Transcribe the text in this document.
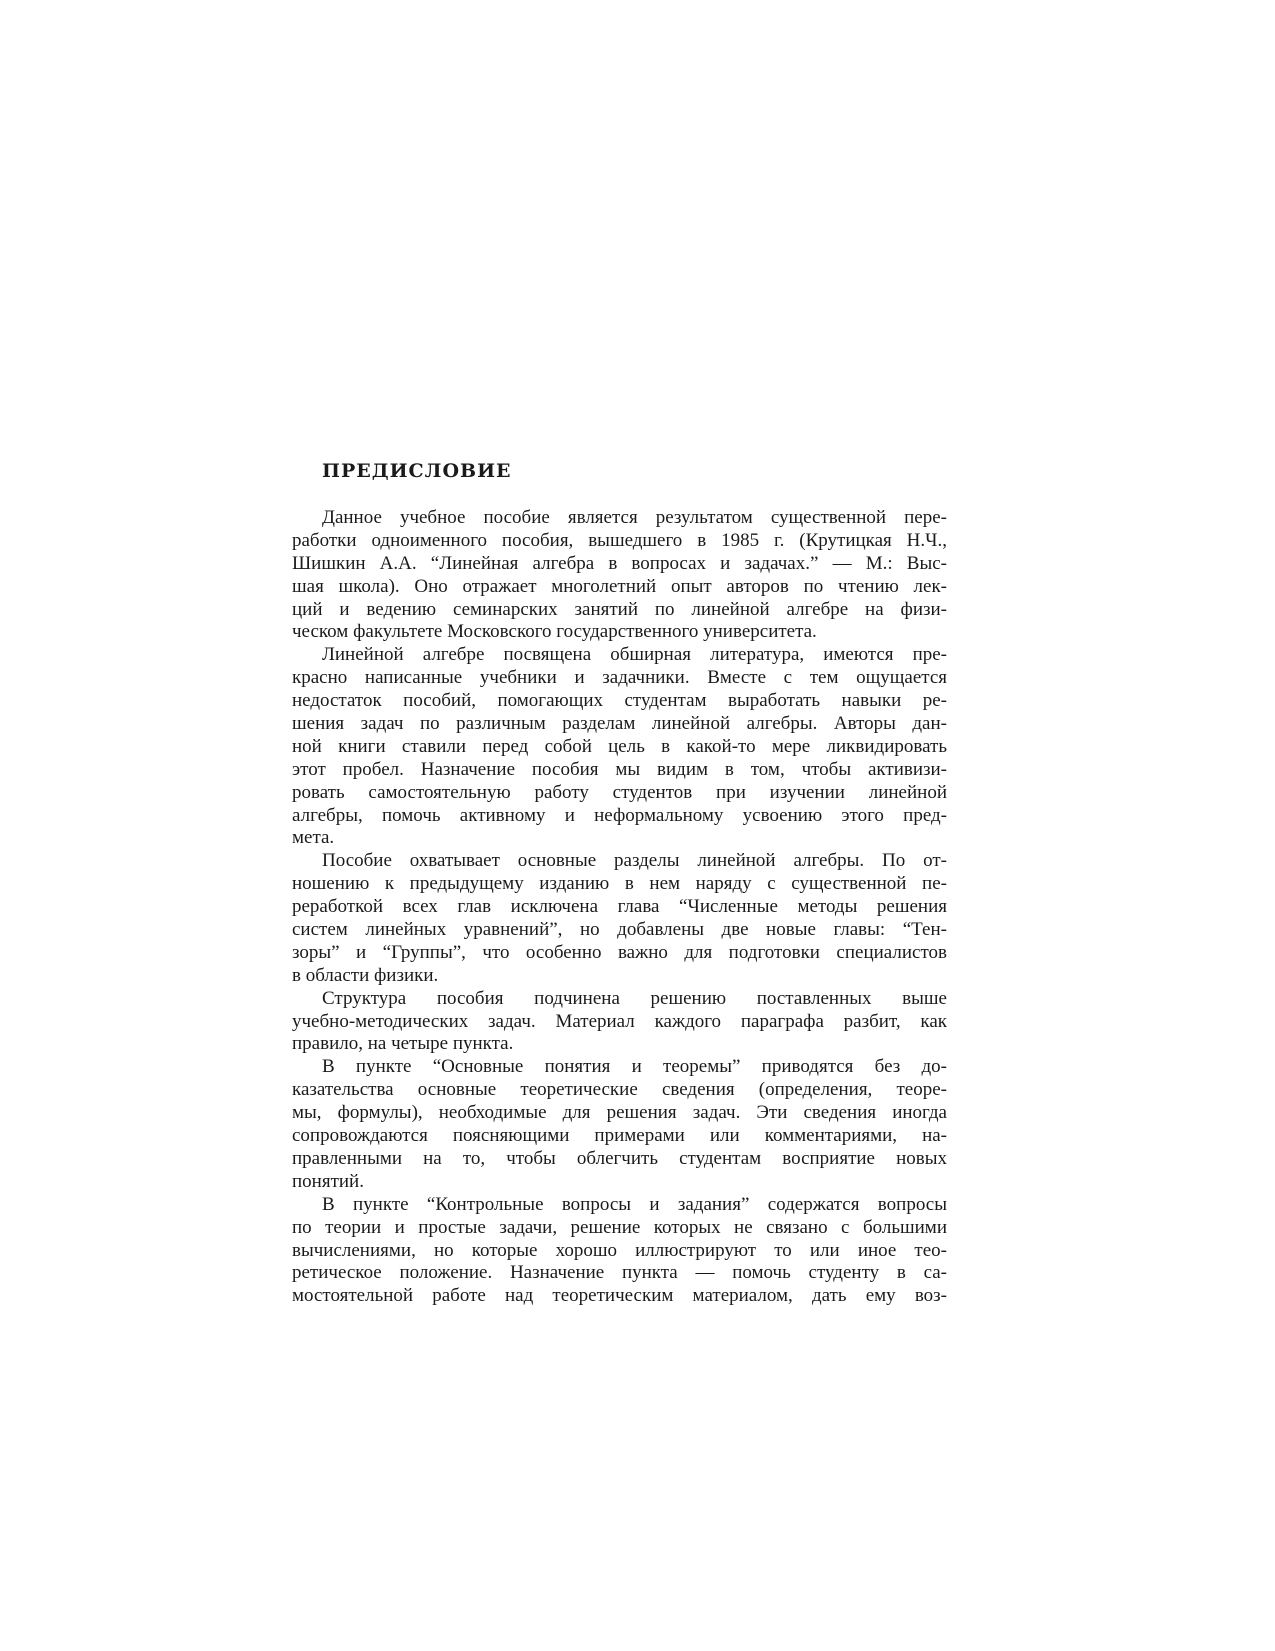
ПРЕДИСЛОВИЕ
Данное учебное пособие является результатом существенной пере-
работки одноименного пособия, вышедшего в 1985 г. (Крутицкая Н.Ч.,
Шишкин А.А. “Линейная алгебра в вопросах и задачах.” — М.: Выс-
шая школа). Оно отражает многолетний опыт авторов по чтению лек-
ций и ведению семинарских занятий по линейной алгебре на физи-
ческом факультете Московского государственного университета.
Линейной алгебре посвящена обширная литература, имеются пре-
красно написанные учебники и задачники. Вместе с тем ощущается
недостаток пособий, помогающих студентам выработать навыки ре-
шения задач по различным разделам линейной алгебры. Авторы дан-
ной книги ставили перед собой цель в какой-то мере ликвидировать
этот пробел. Назначение пособия мы видим в том, чтобы активизи-
ровать самостоятельную работу студентов при изучении линейной
алгебры, помочь активному и неформальному усвоению этого пред-
мета.
Пособие охватывает основные разделы линейной алгебры. По от-
ношению к предыдущему изданию в нем наряду с существенной пе-
реработкой всех глав исключена глава “Численные методы решения
систем линейных уравнений”, но добавлены две новые главы: “Тен-
зоры” и “Группы”, что особенно важно для подготовки специалистов
в области физики.
Структура пособия подчинена решению поставленных выше
учебно-методических задач. Материал каждого параграфа разбит, как
правило, на четыре пункта.
В пункте “Основные понятия и теоремы” приводятся без до-
казательства основные теоретические сведения (определения, теоре-
мы, формулы), необходимые для решения задач. Эти сведения иногда
сопровождаются поясняющими примерами или комментариями, на-
правленными на то, чтобы облегчить студентам восприятие новых
понятий.
В пункте “Контрольные вопросы и задания” содержатся вопросы
по теории и простые задачи, решение которых не связано с большими
вычислениями, но которые хорошо иллюстрируют то или иное тео-
ретическое положение. Назначение пункта — помочь студенту в са-
мостоятельной работе над теоретическим материалом, дать ему воз-
